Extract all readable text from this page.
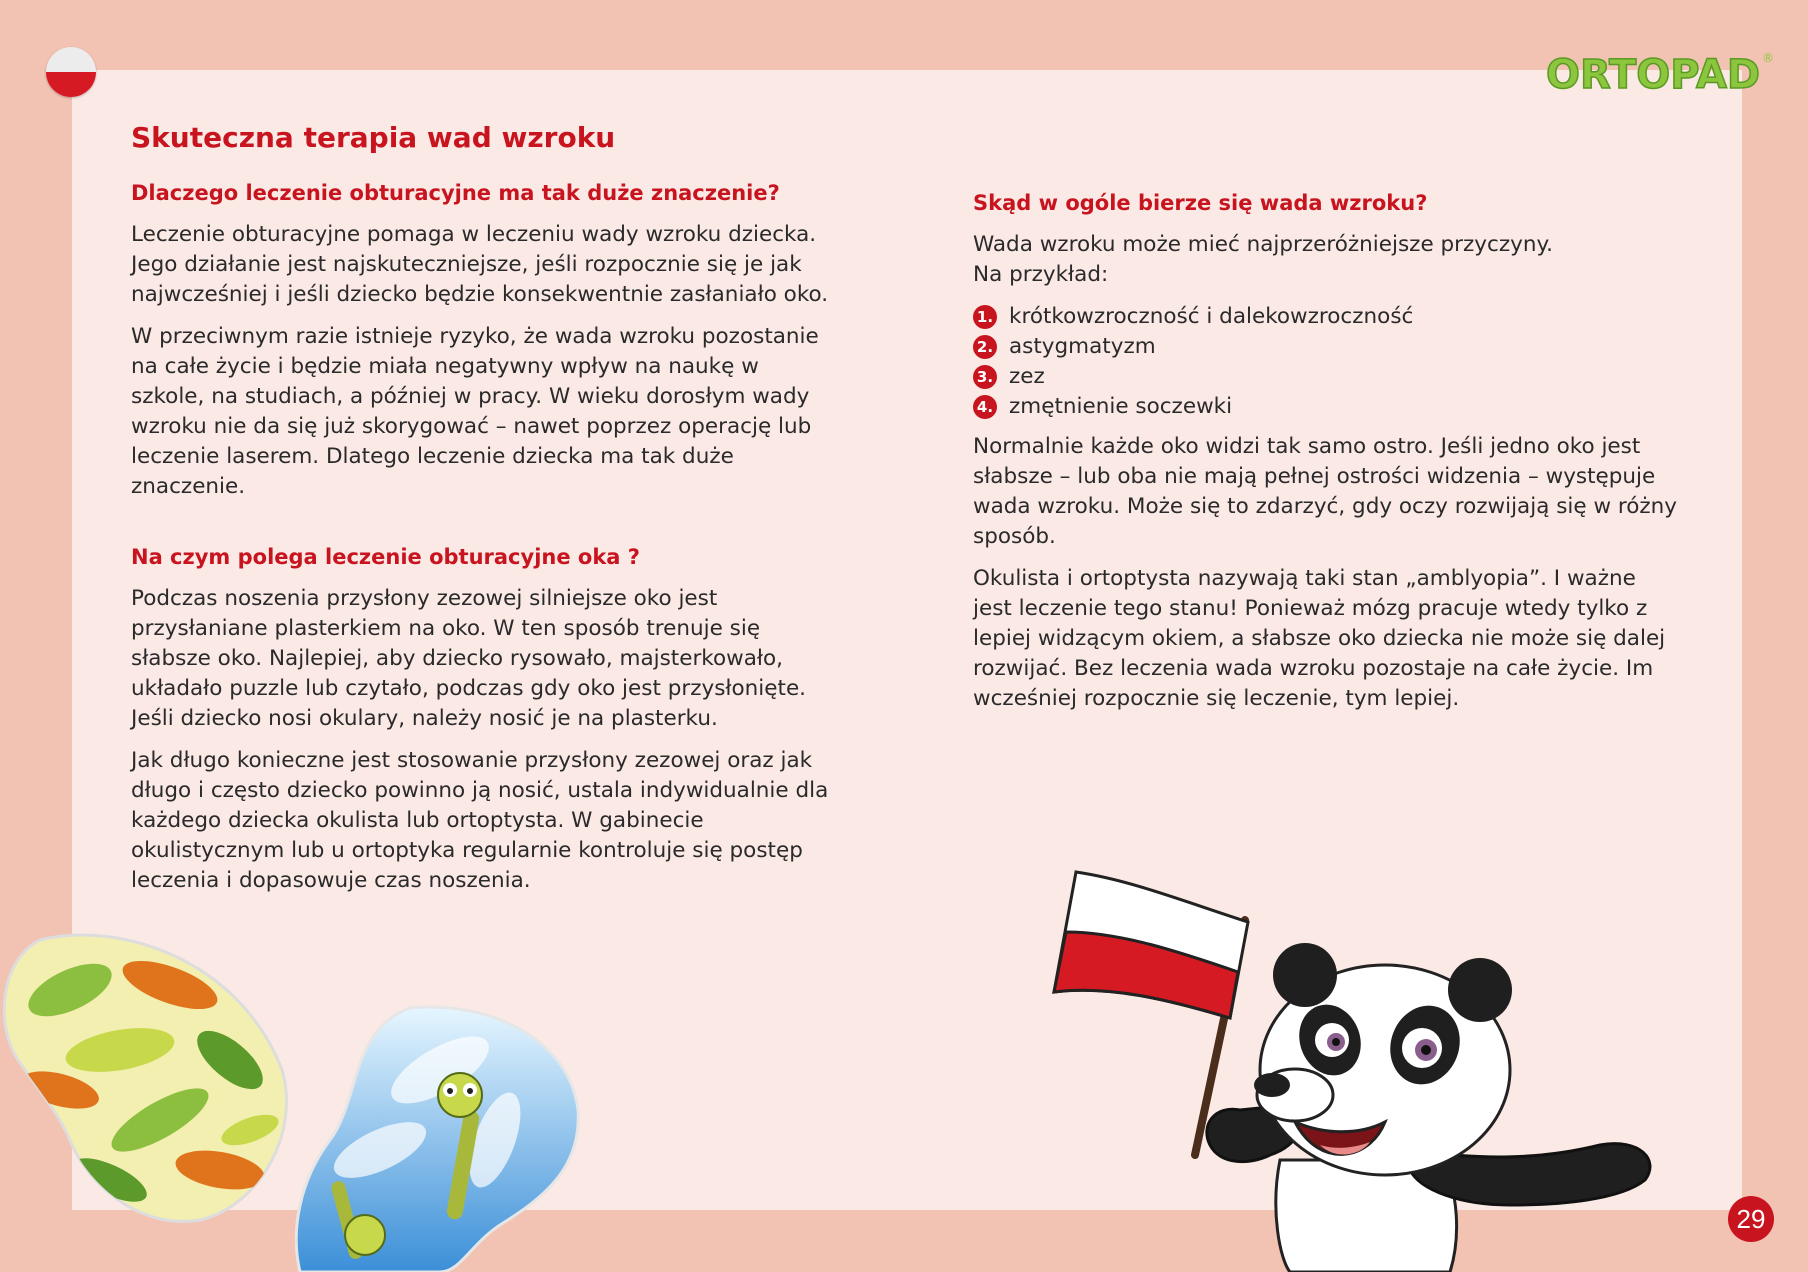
ORTOPAD ®
Skuteczna terapia wad wzroku
Dlaczego leczenie obturacyjne ma tak duże znaczenie?

Leczenie obturacyjne pomaga w leczeniu wady wzroku dziecka. Jego działanie jest najskuteczniejsze, jeśli rozpocznie się je jak najwcześniej i jeśli dziecko będzie konsekwentnie zasłaniało oko.

W przeciwnym razie istnieje ryzyko, że wada wzroku pozostanie na całe życie i będzie miała negatywny wpływ na naukę w szkole, na studiach, a później w pracy. W wieku dorosłym wady wzroku nie da się już skorygować – nawet poprzez operację lub leczenie laserem. Dlatego leczenie dziecka ma tak duże znaczenie.

Na czym polega leczenie obturacyjne oka ?

Podczas noszenia przysłony zezowej silniejsze oko jest przysłaniane plasterkiem na oko. W ten sposób trenuje się słabsze oko. Najlepiej, aby dziecko rysowało, majsterkowało, układało puzzle lub czytało, podczas gdy oko jest przysłonięte. Jeśli dziecko nosi okulary, należy nosić je na plasterku.

Jak długo konieczne jest stosowanie przysłony zezowej oraz jak długo i często dziecko powinno ją nosić, ustala indywidualnie dla każdego dziecka okulista lub ortoptysta. W gabinecie okulistycznym lub u ortoptyka regularnie kontroluje się postęp leczenia i dopasowuje czas noszenia.

Skąd w ogóle bierze się wada wzroku?

Wada wzroku może mieć najprzeróżniejsze przyczyny.

Na przykład:

1. krótkowzroczność i dalekowzroczność
2. astygmatyzm
3. zez
4. zmętnienie soczewki

Normalnie każde oko widzi tak samo ostro. Jeśli jedno oko jest słabsze – lub oba nie mają pełnej ostrości widzenia – występuje wada wzroku. Może się to zdarzyć, gdy oczy rozwijają się w różny sposób.

Okulista i ortoptysta nazywają taki stan „amblyopia”. I ważne jest leczenie tego stanu! Ponieważ mózg pracuje wtedy tylko z lepiej widzącym okiem, a słabsze oko dziecka nie może się dalej rozwijać. Bez leczenia wada wzroku pozostaje na całe życie. Im wcześniej rozpocznie się leczenie, tym lepiej.

29
